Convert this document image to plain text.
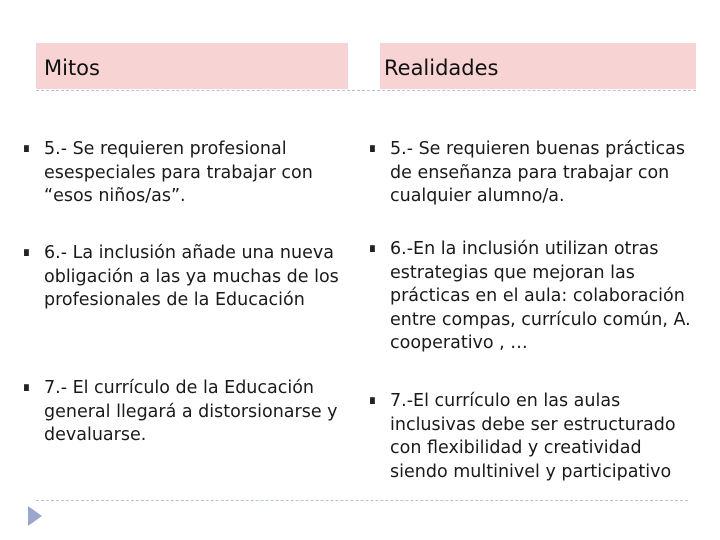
Mitos	Realidades
∎ 5.- Se requieren profesional esespeciales para trabajar con “esos niños/as”.
∎ 6.- La inclusión añade una nueva obligación a las ya muchas de los profesionales de la Educación
∎ 7.- El currículo de la Educación general llegará a distorsionarse y devaluarse.
∎ 5.- Se requieren buenas prácticas de enseñanza para trabajar con cualquier alumno/a.
∎ 6.-En la inclusión utilizan otras estrategias que mejoran las prácticas en el aula: colaboración entre compas, currículo común, A. cooperativo , …
∎ 7.-El currículo en las aulas inclusivas debe ser estructurado con flexibilidad y creatividad siendo multinivel y participativo
